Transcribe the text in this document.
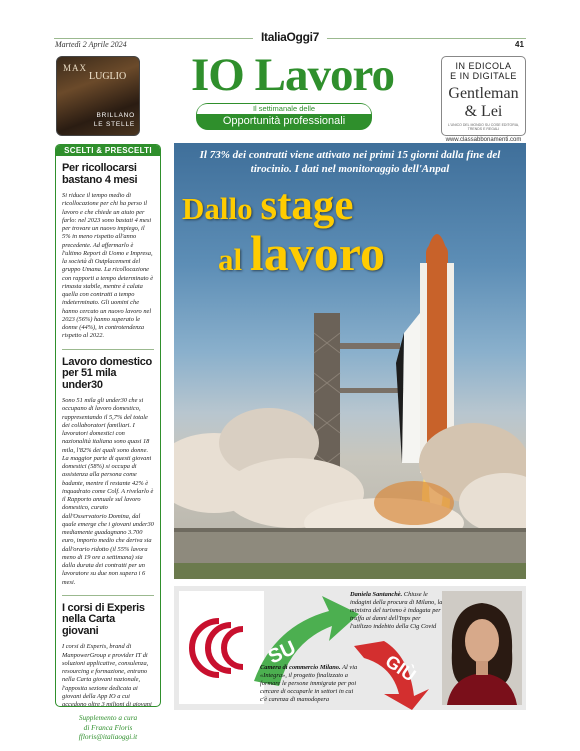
ItaliaOggi7
Martedì 2 Aprile 2024	41
MAX
LUGLIO
BRILLANO
LE STELLE
IO Lavoro
Il settimanale delle
Opportunità professionali
IN EDICOLA
E IN DIGITALE
Gentleman & Lei
L'UNICO DEL MONDO SU COSE EDITORIA, TRENDS E REGALI
www.classabbonamenti.com
SCELTI & PRESCELTI
Per ricollocarsi bastano 4 mesi

Si riduce il tempo medio di ricollocazione per chi ha perso il lavoro e che chiede un aiuto per farlo: nel 2023 sono bastati 4 mesi per trovare un nuovo impiego, il 5% in meno rispetto all'anno precedente. Ad affermarlo è l'ultimo Report di Uomo e Impresa, la società di Outplacement del gruppo Umana. La ricollocazione con rapporti a tempo determinato è rimasta stabile, mentre è calata quella con contratti a tempo indeterminato. Gli uomini che hanno cercato un nuovo lavoro nel 2023 (56%) hanno superato le donne (44%), in controtendenza rispetto al 2022.

Lavoro domestico per 51 mila under30

Sono 51 mila gli under30 che si occupano di lavoro domestico, rappresentando il 5,7% del totale dei collaboratori familiari. I lavoratori domestici con nazionalità italiana sono quasi 18 mila, l'82% dei quali sono donne. La maggior parte di questi giovani domestici (58%) si occupa di assistenza alla persona come badante, mentre il restante 42% è inquadrato come Colf. A rivelarlo è il Rapporto annuale sul lavoro domestico, curato dall'Osservatorio Domina, dal quale emerge che i giovani under30 mediamente guadagnano 3.700 euro, importo medio che deriva sia dall'orario ridotto (il 55% lavora meno di 19 ore a settimana) sia dalla durata dei contratti per un lavoratore su due non supera i 6 mesi.

I corsi di Experis nella Carta giovani

I corsi di Experis, brand di ManpowerGroup e provider IT di soluzioni applicative, consulenza, resourcing e formazione, entrano nella Carta giovani nazionale, l'apposita sezione dedicata ai giovani della App IO a cui accedono oltre 3 milioni di giovani

Supplemento a cura
di Franca Floris
ffloris@italiaoggi.it
Il 73% dei contratti viene attivato nei primi 15 giorni dalla fine del tirocinio. I dati nel monitoraggio dell'Anpal
Dallo stage
al lavoro
SU	GIÙ
Camera di commercio Milano. Al via «Integra», il progetto finalizzato a formare le persone immigrate per poi cercare di occuparle in settori in cui c'è carenza di manodopera
Daniela Santanchè. Chiuse le indagini della procura di Milano, la ministra del turismo è indagata per truffa ai danni dell'Inps per l'utilizzo indebito della Cig Covid
